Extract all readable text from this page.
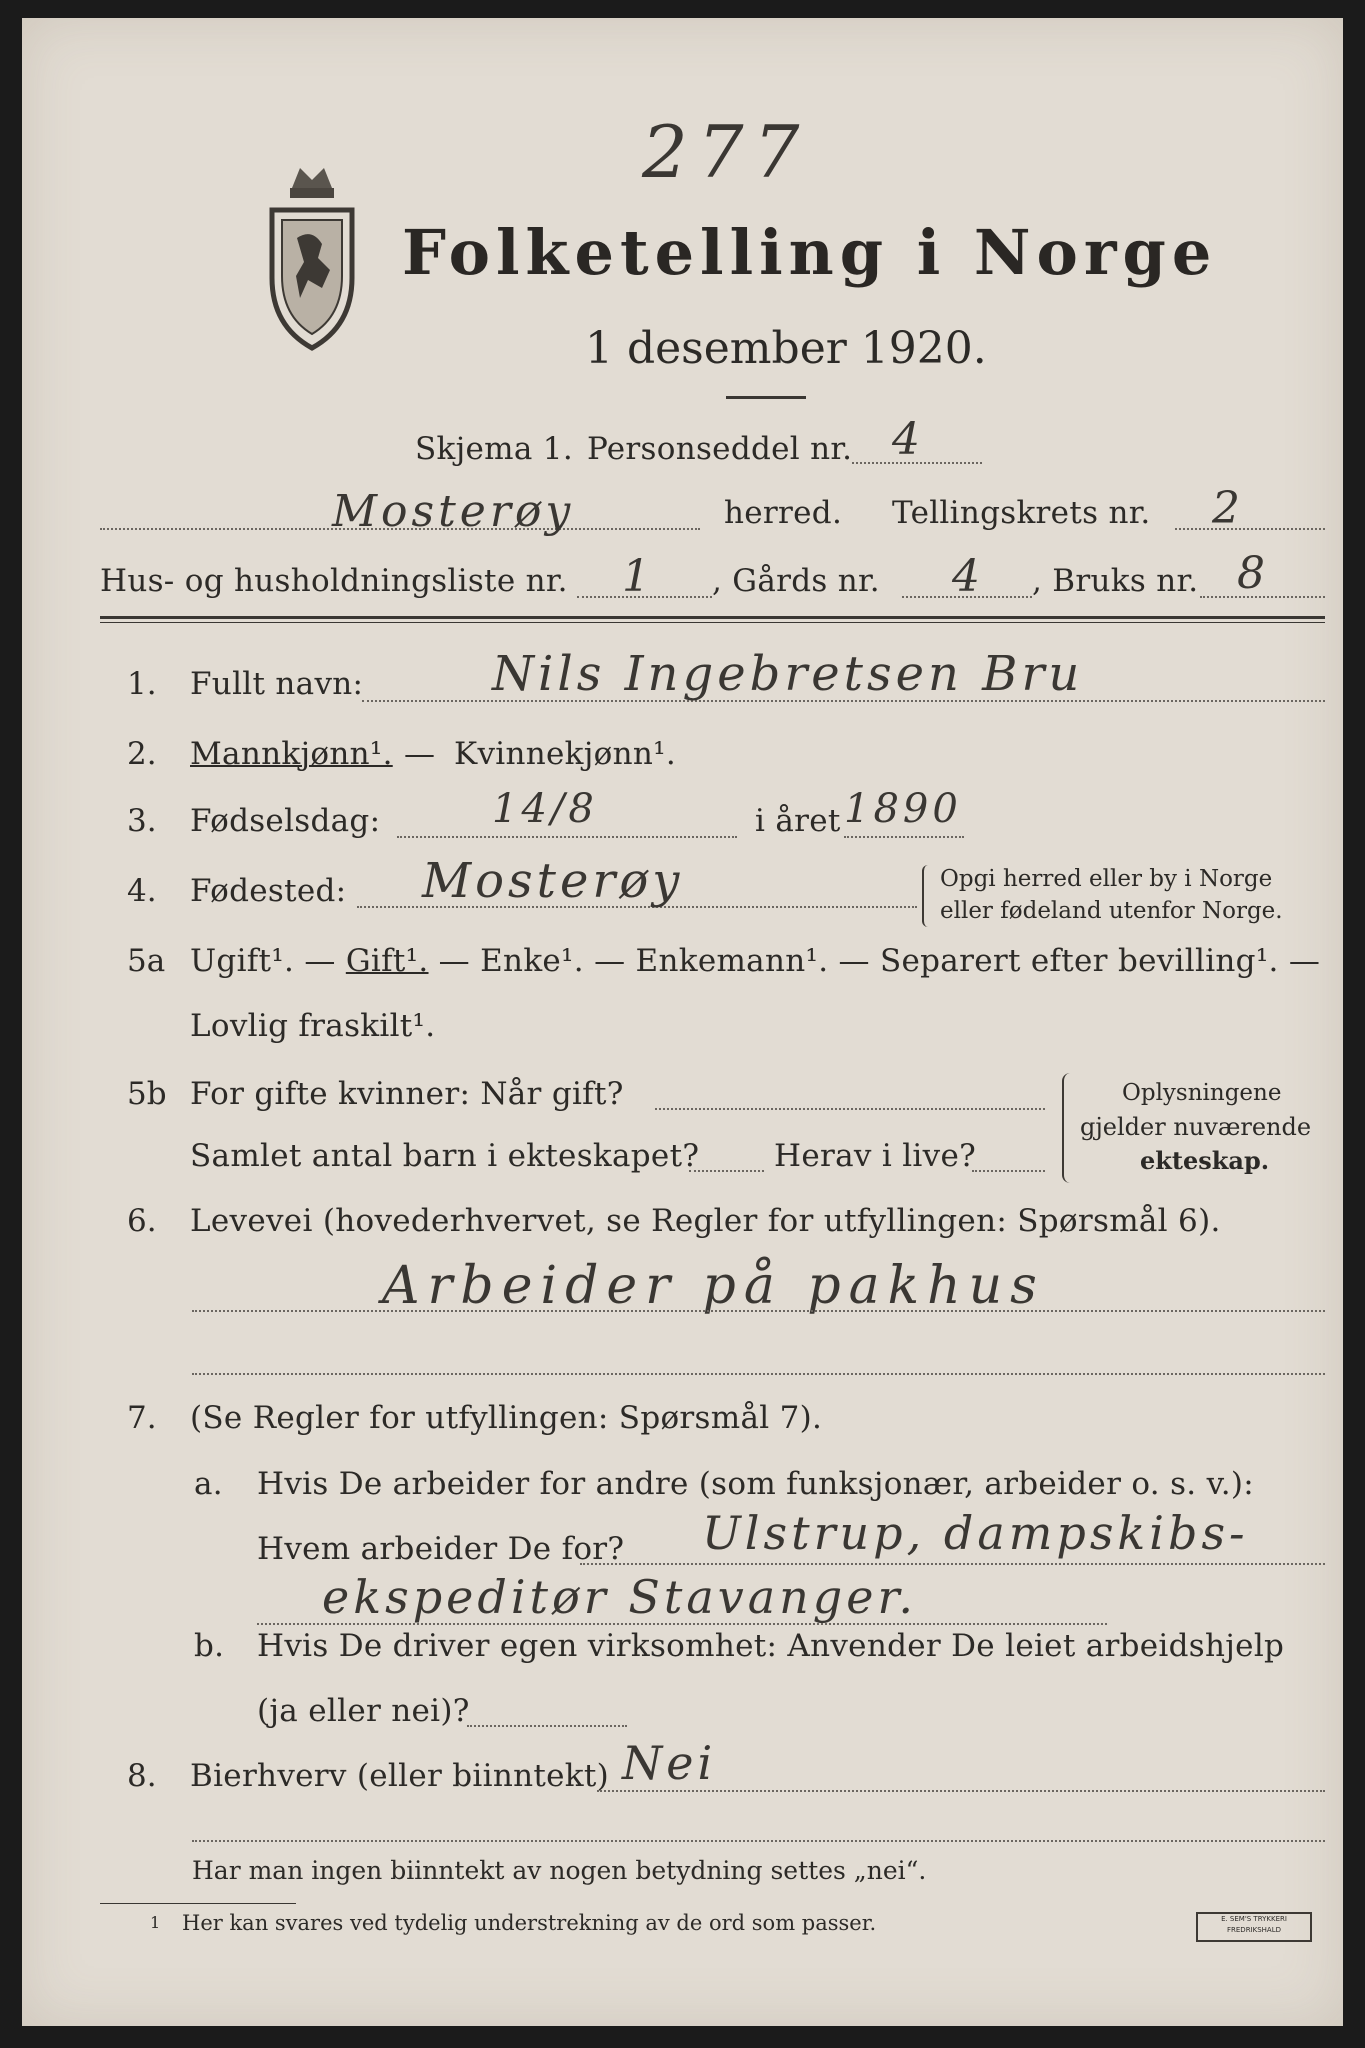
277
Folketelling i Norge
1 desember 1920.
Skjema 1. Personseddel nr. 4
Mosterøy	herred. Tellingskrets nr. 2
Hus- og husholdningsliste nr. 1 , Gårds nr. 4 , Bruks nr. 8
1. Fullt navn:	Nils Ingebretsen Bru
2. Mannkjønn¹. — Kvinnekjønn¹.
3. Fødselsdag:	14/8	i året 1890
4. Fødested: Mosterøy	Opgi herred eller by i Norge
eller fødeland utenfor Norge.
5a Ugift¹. — Gift¹. — Enke¹. — Enkemann¹. — Separert efter bevilling¹. —
Lovlig fraskilt¹.
5b For gifte kvinner: Når gift?
Samlet antal barn i ekteskapet? Herav i live?
Oplysningene
gjelder nuværende
ekteskap.
6. Levevei (hovederhvervet, se Regler for utfyllingen: Spørsmål 6).
Arbeider på pakhus
7. (Se Regler for utfyllingen: Spørsmål 7).
a. Hvis De arbeider for andre (som funksjonær, arbeider o. s. v.):
Hvem arbeider De for? Ulstrup, dampskibs-
ekspeditør Stavanger.
b. Hvis De driver egen virksomhet: Anvender De leiet arbeidshjelp
(ja eller nei)?
8. Bierhverv (eller biinntekt) Nei
Har man ingen biinntekt av nogen betydning settes „nei“.
1 Her kan svares ved tydelig understrekning av de ord som passer.	E. SEM'S TRYKKERI FREDRIKSHALD
